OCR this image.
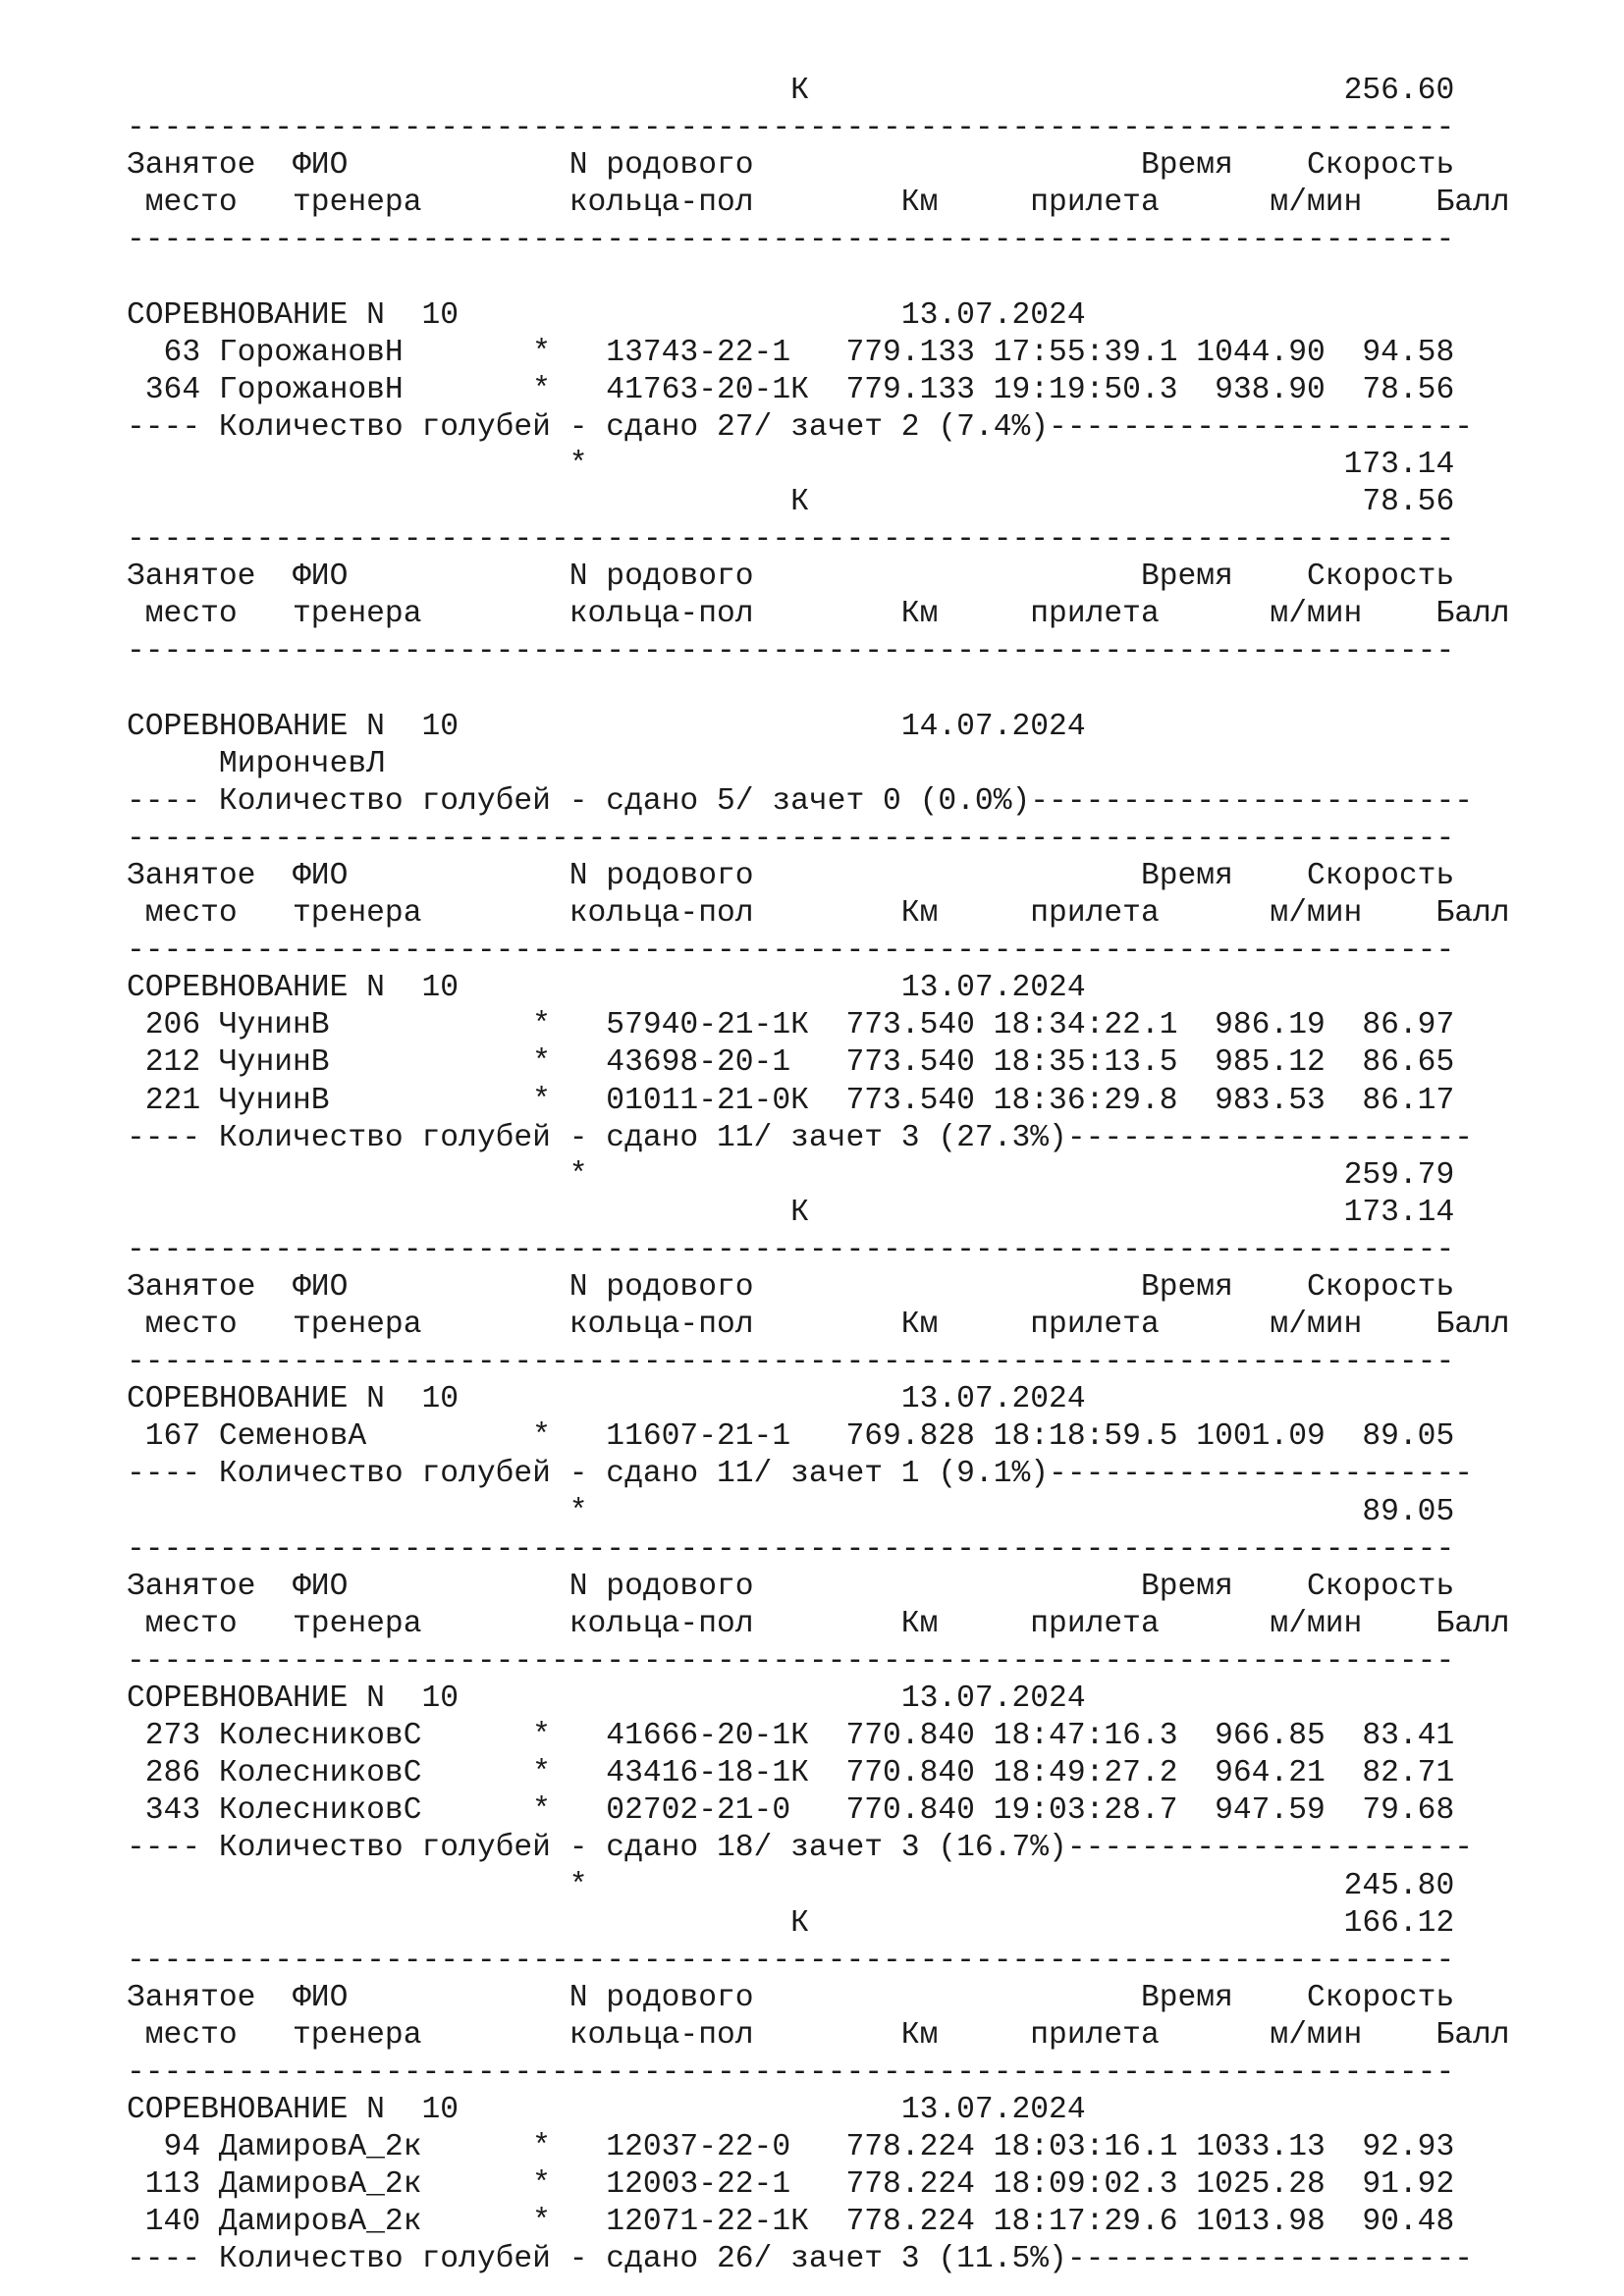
К	256.60
------------------------------------------------------------------------
Занятое  ФИО            N родового                     Время    Скорость
место   тренера        кольца-пол        Км     прилета      м/мин    Балл
------------------------------------------------------------------------
СОРЕВНОВАНИЕ N  10	13.07.2024
63 ГорожановН       *   13743-22-1   779.133 17:55:39.1 1044.90  94.58
364 ГорожановН       *   41763-20-1К  779.133 19:19:50.3  938.90  78.56
---- Количество голубей - сдано 27/ зачет 2 (7.4%)-----------------------
*	173.14
К	78.56
------------------------------------------------------------------------
Занятое  ФИО            N родового                     Время    Скорость
место   тренера        кольца-пол        Км     прилета      м/мин    Балл
------------------------------------------------------------------------
СОРЕВНОВАНИЕ N  10	14.07.2024
МирончевЛ
---- Количество голубей - сдано 5/ зачет 0 (0.0%)------------------------
------------------------------------------------------------------------
Занятое  ФИО            N родового                     Время    Скорость
место   тренера        кольца-пол        Км     прилета      м/мин    Балл
------------------------------------------------------------------------
СОРЕВНОВАНИЕ N  10	13.07.2024
206 ЧунинВ           *   57940-21-1К  773.540 18:34:22.1  986.19  86.97
212 ЧунинВ           *   43698-20-1   773.540 18:35:13.5  985.12  86.65
221 ЧунинВ           *   01011-21-0К  773.540 18:36:29.8  983.53  86.17
---- Количество голубей - сдано 11/ зачет 3 (27.3%)----------------------
*	259.79
К	173.14
------------------------------------------------------------------------
Занятое  ФИО            N родового                     Время    Скорость
место   тренера        кольца-пол        Км     прилета      м/мин    Балл
------------------------------------------------------------------------
СОРЕВНОВАНИЕ N  10	13.07.2024
167 СеменовА         *   11607-21-1   769.828 18:18:59.5 1001.09  89.05
---- Количество голубей - сдано 11/ зачет 1 (9.1%)-----------------------
*	89.05
------------------------------------------------------------------------
Занятое  ФИО            N родового                     Время    Скорость
место   тренера        кольца-пол        Км     прилета      м/мин    Балл
------------------------------------------------------------------------
СОРЕВНОВАНИЕ N  10	13.07.2024
273 КолесниковС      *   41666-20-1К  770.840 18:47:16.3  966.85  83.41
286 КолесниковС      *   43416-18-1К  770.840 18:49:27.2  964.21  82.71
343 КолесниковС      *   02702-21-0   770.840 19:03:28.7  947.59  79.68
---- Количество голубей - сдано 18/ зачет 3 (16.7%)----------------------
*	245.80
К	166.12
------------------------------------------------------------------------
Занятое  ФИО            N родового                     Время    Скорость
место   тренера        кольца-пол        Км     прилета      м/мин    Балл
------------------------------------------------------------------------
СОРЕВНОВАНИЕ N  10	13.07.2024
94 ДамировА_2к      *   12037-22-0   778.224 18:03:16.1 1033.13  92.93
113 ДамировА_2к      *   12003-22-1   778.224 18:09:02.3 1025.28  91.92
140 ДамировА_2к      *   12071-22-1К  778.224 18:17:29.6 1013.98  90.48
---- Количество голубей - сдано 26/ зачет 3 (11.5%)----------------------
